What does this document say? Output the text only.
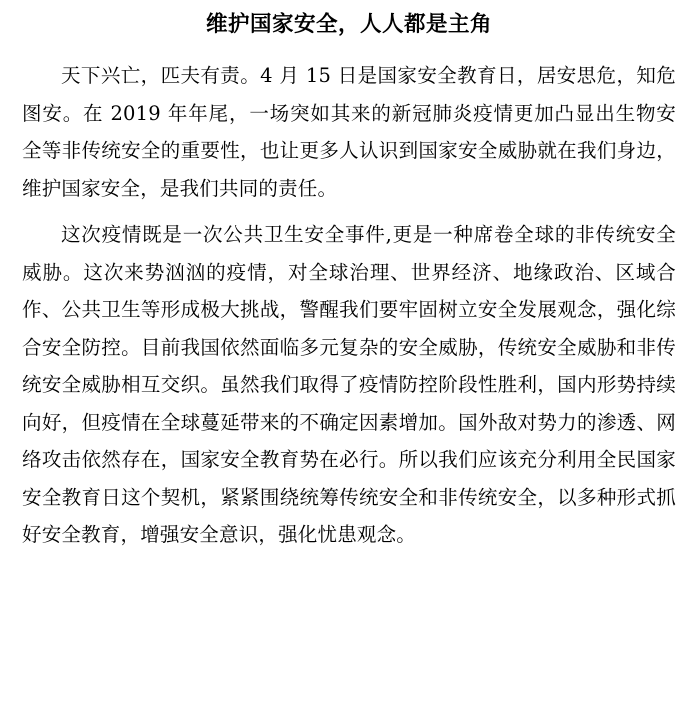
维护国家安全，人人都是主角

天下兴亡，匹夫有责。4 月 15 日是国家安全教育日，居安思危，知危图安。在 2019 年年尾，一场突如其来的新冠肺炎疫情更加凸显出生物安全等非传统安全的重要性，也让更多人认识到国家安全威胁就在我们身边，维护国家安全，是我们共同的责任。

这次疫情既是一次公共卫生安全事件,更是一种席卷全球的非传统安全威胁。这次来势汹汹的疫情，对全球治理、世界经济、地缘政治、区域合作、公共卫生等形成极大挑战，警醒我们要牢固树立安全发展观念，强化综合安全防控。目前我国依然面临多元复杂的安全威胁，传统安全威胁和非传统安全威胁相互交织。虽然我们取得了疫情防控阶段性胜利，国内形势持续向好，但疫情在全球蔓延带来的不确定因素增加。国外敌对势力的渗透、网络攻击依然存在，国家安全教育势在必行。所以我们应该充分利用全民国家安全教育日这个契机，紧紧围绕统筹传统安全和非传统安全，以多种形式抓好安全教育，增强安全意识，强化忧患观念。
